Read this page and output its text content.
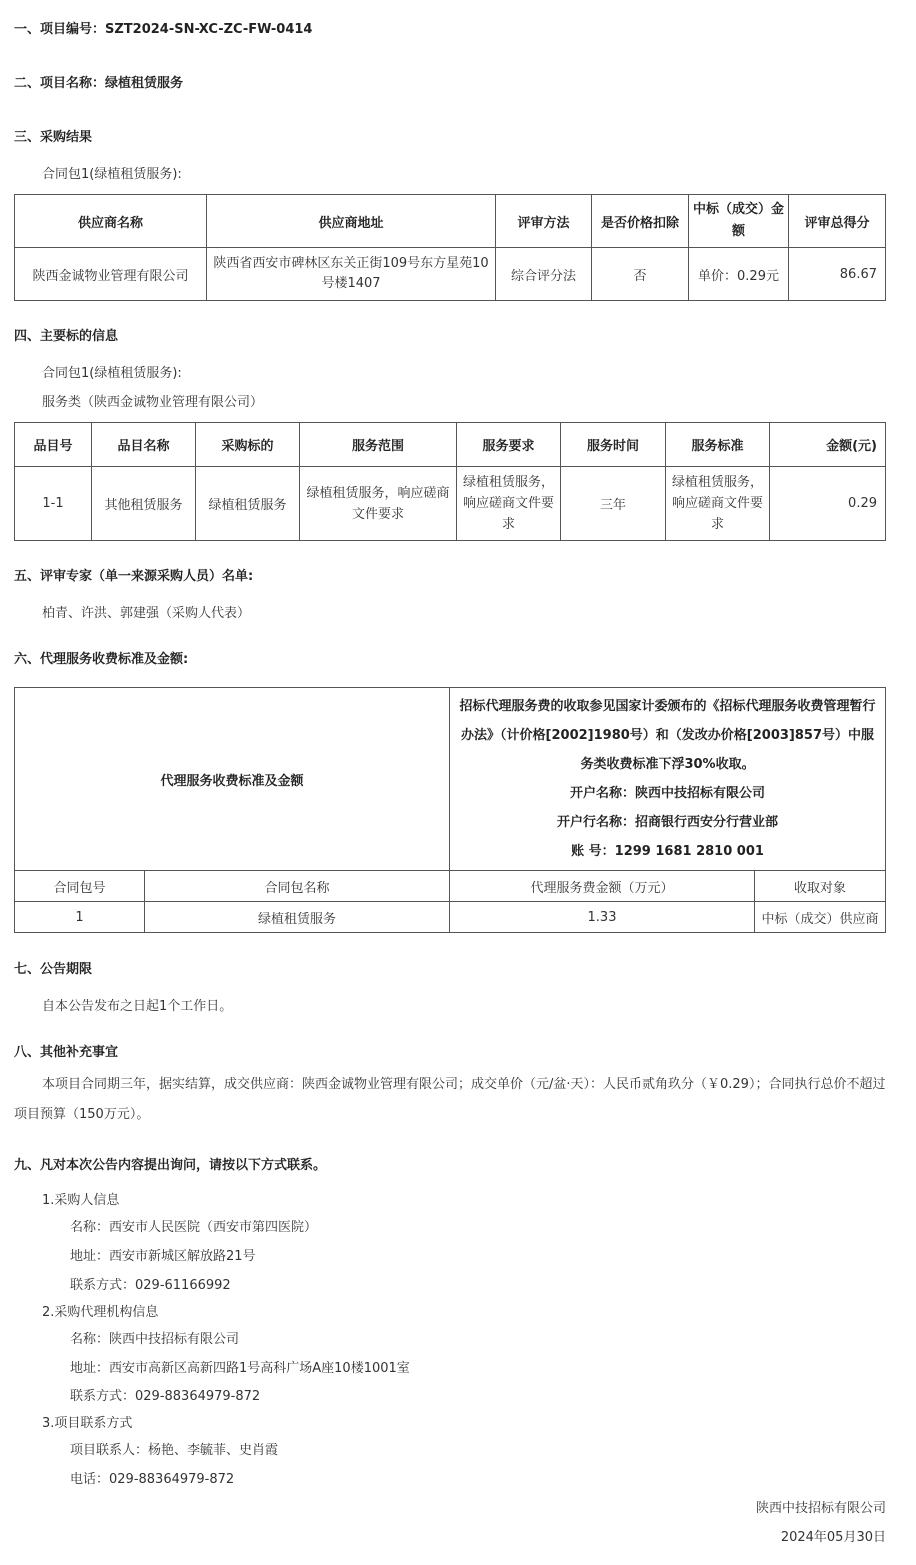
一、项目编号：SZT2024-SN-XC-ZC-FW-0414
二、项目名称：绿植租赁服务
三、采购结果
合同包1(绿植租赁服务):
供应商名称	供应商地址	评审方法	是否价格扣除	中标（成交）金额	评审总得分
陕西金诚物业管理有限公司	陕西省西安市碑林区东关正街109号东方星苑10号楼1407	综合评分法	否	单价：0.29元	86.67
四、主要标的信息
合同包1(绿植租赁服务):
服务类（陕西金诚物业管理有限公司）
品目号	品目名称	采购标的	服务范围	服务要求	服务时间	服务标准	金额(元)
1-1	其他租赁服务	绿植租赁服务	绿植租赁服务，响应磋商文件要求	绿植租赁服务，响应磋商文件要求	三年	绿植租赁服务，响应磋商文件要求	0.29
五、评审专家（单一来源采购人员）名单:
柏青、许洪、郭建强（采购人代表）
六、代理服务收费标准及金额:
代理服务收费标准及金额		招标代理服务费的收取参见国家计委颁布的《招标代理服务收费管理暂行办法》（计价格[2002]1980号）和（发改办价格[2003]857号）中服务类收费标准下浮30%收取。
开户名称：陕西中技招标有限公司
开户行名称：招商银行西安分行营业部
账 号：1299 1681 2810 001	

合同包号	合同包名称	代理服务费金额（万元）	收取对象
1	绿植租赁服务	1.33	中标（成交）供应商
七、公告期限
自本公告发布之日起1个工作日。
八、其他补充事宜
本项目合同期三年，据实结算，成交供应商：陕西金诚物业管理有限公司；成交单价（元/盆·天）：人民币贰角玖分（￥0.29）；合同执行总价不超过项目预算（150万元）。
九、凡对本次公告内容提出询问，请按以下方式联系。
1.采购人信息
名称：西安市人民医院（西安市第四医院）
地址：西安市新城区解放路21号
联系方式：029-61166992
2.采购代理机构信息
名称：陕西中技招标有限公司
地址：西安市高新区高新四路1号高科广场A座10楼1001室
联系方式：029-88364979-872
3.项目联系方式
项目联系人：杨艳、李毓菲、史肖霞
电话：029-88364979-872
陕西中技招标有限公司
2024年05月30日
